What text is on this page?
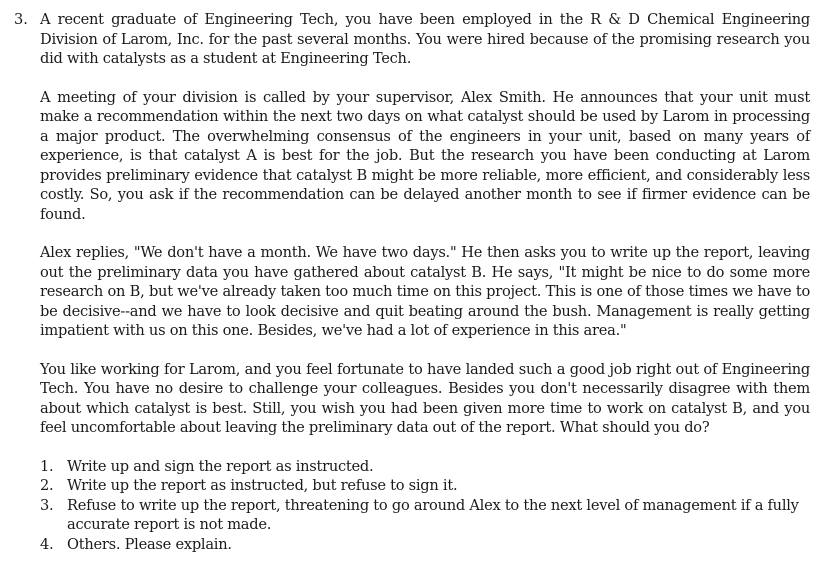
3. A recent graduate of Engineering Tech, you have been employed in the R & D Chemical Engineering Division of Larom, Inc. for the past several months. You were hired because of the promising research you did with catalysts as a student at Engineering Tech.

A meeting of your division is called by your supervisor, Alex Smith. He announces that your unit must make a recommendation within the next two days on what catalyst should be used by Larom in processing a major product. The overwhelming consensus of the engineers in your unit, based on many years of experience, is that catalyst A is best for the job. But the research you have been conducting at Larom provides preliminary evidence that catalyst B might be more reliable, more efficient, and considerably less costly. So, you ask if the recommendation can be delayed another month to see if firmer evidence can be found.

Alex replies, "We don't have a month. We have two days." He then asks you to write up the report, leaving out the preliminary data you have gathered about catalyst B. He says, "It might be nice to do some more research on B, but we've already taken too much time on this project. This is one of those times we have to be decisive--and we have to look decisive and quit beating around the bush. Management is really getting impatient with us on this one. Besides, we've had a lot of experience in this area."

You like working for Larom, and you feel fortunate to have landed such a good job right out of Engineering Tech. You have no desire to challenge your colleagues. Besides you don't necessarily disagree with them about which catalyst is best. Still, you wish you had been given more time to work on catalyst B, and you feel uncomfortable about leaving the preliminary data out of the report. What should you do?

1. Write up and sign the report as instructed.
2. Write up the report as instructed, but refuse to sign it.
3. Refuse to write up the report, threatening to go around Alex to the next level of management if a fully accurate report is not made.
4. Others. Please explain.
